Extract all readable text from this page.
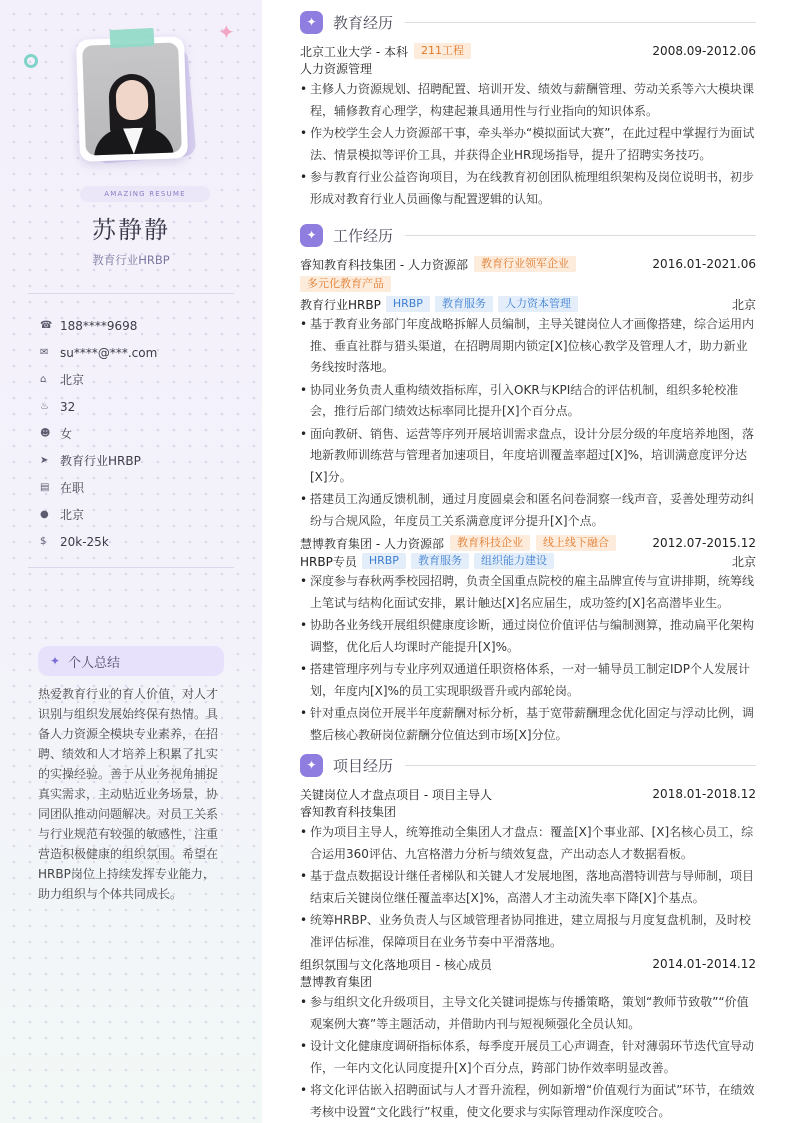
✦
AMAZING RESUME
苏静静
教育行业HRBP
☎ 188****9698
✉ su****@***.com
⌂	北京
♨ 32
☻ 女
➤ 教育行业HRBP
▤ 在职
● 北京
$	20k-25k
✦ 个人总结
热爱教育行业的育人价值，对人才识别与组织发展始终保有热情。具备人力资源全模块专业素养，在招聘、绩效和人才培养上积累了扎实的实操经验。善于从业务视角捕捉真实需求，主动贴近业务场景，协同团队推动问题解决。对员工关系与行业规范有较强的敏感性，注重营造积极健康的组织氛围。希望在HRBP岗位上持续发挥专业能力，助力组织与个体共同成长。
✦	教育经历
北京工业大学 - 本科	211工程	2008.09-2012.06
人力资源管理
• 主修人力资源规划、招聘配置、培训开发、绩效与薪酬管理、劳动关系等六大模块课程，辅修教育心理学，构建起兼具通用性与行业指向的知识体系。
• 作为校学生会人力资源部干事，牵头举办“模拟面试大赛”，在此过程中掌握行为面试法、情景模拟等评价工具，并获得企业HR现场指导，提升了招聘实务技巧。
• 参与教育行业公益咨询项目，为在线教育初创团队梳理组织架构及岗位说明书，初步形成对教育行业人员画像与配置逻辑的认知。
✦	工作经历
睿知教育科技集团 - 人力资源部	教育行业领军企业	2016.01-2021.06
多元化教育产品
教育行业HRBP	HRBP	教育服务	人力资本管理	北京
• 基于教育业务部门年度战略拆解人员编制，主导关键岗位人才画像搭建，综合运用内推、垂直社群与猎头渠道，在招聘周期内锁定[X]位核心教学及管理人才，助力新业务线按时落地。
• 协同业务负责人重构绩效指标库，引入OKR与KPI结合的评估机制，组织多轮校准会，推行后部门绩效达标率同比提升[X]个百分点。
• 面向教研、销售、运营等序列开展培训需求盘点，设计分层分级的年度培养地图，落地新教师训练营与管理者加速项目，年度培训覆盖率超过[X]%，培训满意度评分达[X]分。
• 搭建员工沟通反馈机制，通过月度圆桌会和匿名问卷洞察一线声音，妥善处理劳动纠纷与合规风险，年度员工关系满意度评分提升[X]个点。
慧博教育集团 - 人力资源部	教育科技企业	线上线下融合	2012.07-2015.12
HRBP专员	HRBP	教育服务	组织能力建设	北京
• 深度参与春秋两季校园招聘，负责全国重点院校的雇主品牌宣传与宣讲排期，统筹线上笔试与结构化面试安排，累计触达[X]名应届生，成功签约[X]名高潜毕业生。
• 协助各业务线开展组织健康度诊断，通过岗位价值评估与编制测算，推动扁平化架构调整，优化后人均课时产能提升[X]%。
• 搭建管理序列与专业序列双通道任职资格体系，一对一辅导员工制定IDP个人发展计划，年度内[X]%的员工实现职级晋升或内部轮岗。
• 针对重点岗位开展半年度薪酬对标分析，基于宽带薪酬理念优化固定与浮动比例，调整后核心教研岗位薪酬分位值达到市场[X]分位。
✦	项目经历
关键岗位人才盘点项目 - 项目主导人	2018.01-2018.12
睿知教育科技集团
• 作为项目主导人，统筹推动全集团人才盘点：覆盖[X]个事业部、[X]名核心员工，综合运用360评估、九宫格潜力分析与绩效复盘，产出动态人才数据看板。
• 基于盘点数据设计继任者梯队和关键人才发展地图，落地高潜特训营与导师制，项目结束后关键岗位继任覆盖率达[X]%，高潜人才主动流失率下降[X]个基点。
• 统筹HRBP、业务负责人与区域管理者协同推进，建立周报与月度复盘机制，及时校准评估标准，保障项目在业务节奏中平滑落地。
组织氛围与文化落地项目 - 核心成员	2014.01-2014.12
慧博教育集团
• 参与组织文化升级项目，主导文化关键词提炼与传播策略，策划“教师节致敬”“价值观案例大赛”等主题活动，并借助内刊与短视频强化全员认知。
• 设计文化健康度调研指标体系，每季度开展员工心声调查，针对薄弱环节迭代宣导动作，一年内文化认同度提升[X]个百分点，跨部门协作效率明显改善。
• 将文化评估嵌入招聘面试与人才晋升流程，例如新增“价值观行为面试”环节，在绩效考核中设置“文化践行”权重，使文化要求与实际管理动作深度咬合。
